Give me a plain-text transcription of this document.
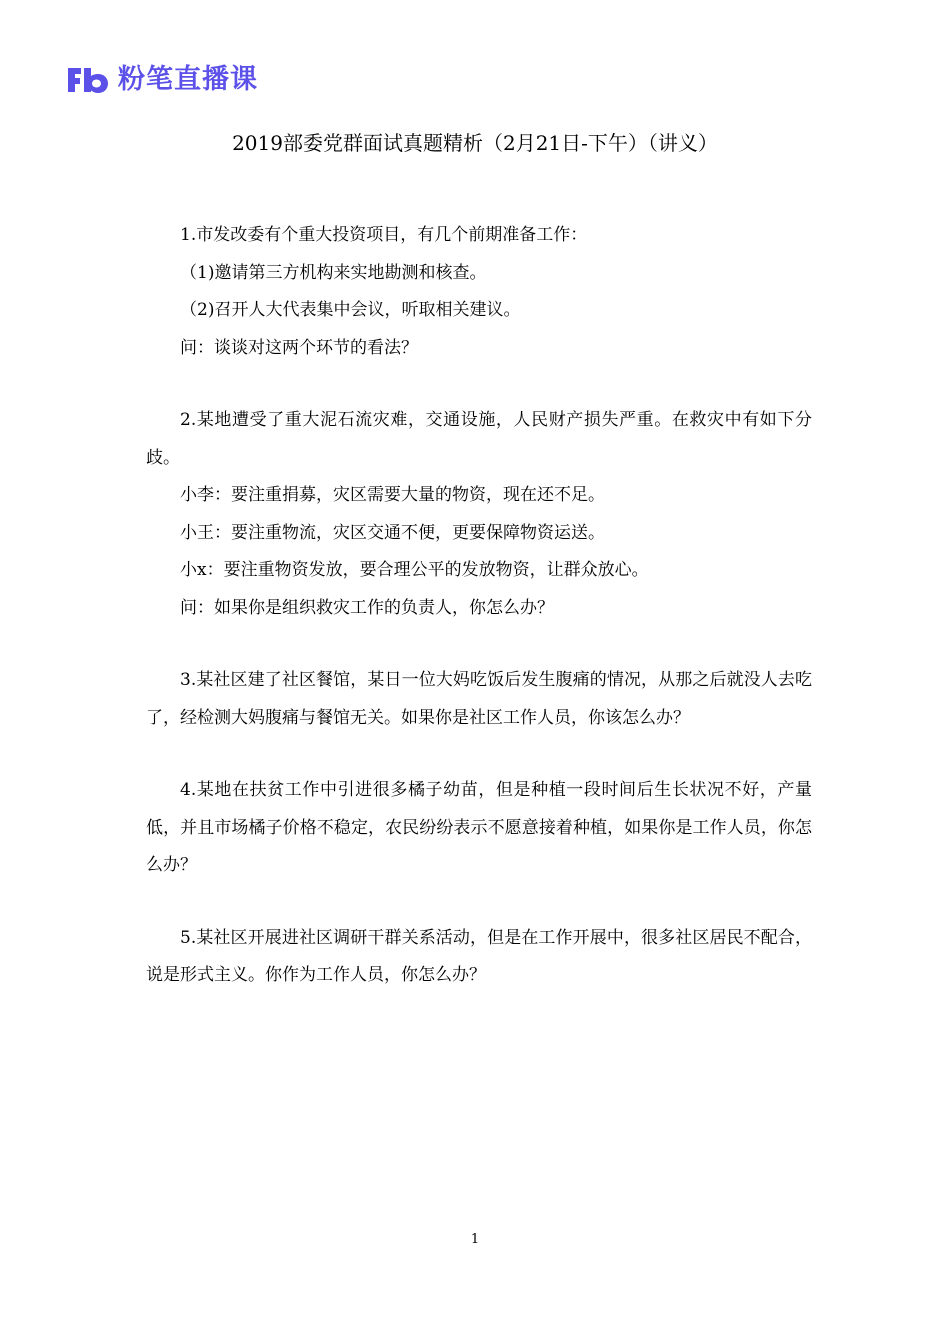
粉笔直播课
2019部委党群面试真题精析（2月21日-下午）（讲义）

1.市发改委有个重大投资项目，有几个前期准备工作：

（1)邀请第三方机构来实地勘测和核查。

（2)召开人大代表集中会议，听取相关建议。

问：谈谈对这两个环节的看法？

2.某地遭受了重大泥石流灾难，交通设施，人民财产损失严重。在救灾中有如下分歧。

小李：要注重捐募，灾区需要大量的物资，现在还不足。

小王：要注重物流，灾区交通不便，更要保障物资运送。

小x：要注重物资发放，要合理公平的发放物资，让群众放心。

问：如果你是组织救灾工作的负责人，你怎么办？

3.某社区建了社区餐馆，某日一位大妈吃饭后发生腹痛的情况，从那之后就没人去吃了，经检测大妈腹痛与餐馆无关。如果你是社区工作人员，你该怎么办？

4.某地在扶贫工作中引进很多橘子幼苗，但是种植一段时间后生长状况不好，产量低，并且市场橘子价格不稳定，农民纷纷表示不愿意接着种植，如果你是工作人员，你怎么办？

5.某社区开展进社区调研干群关系活动，但是在工作开展中，很多社区居民不配合，说是形式主义。你作为工作人员，你怎么办？

1
